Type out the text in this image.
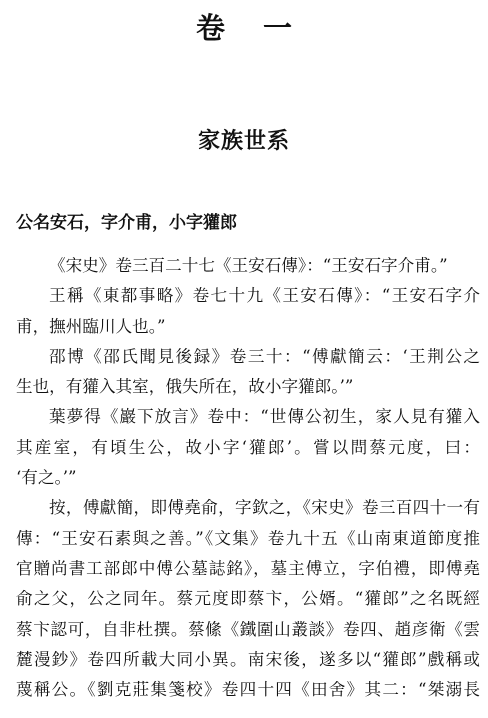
卷 一
家族世系
公名安石，字介甫，小字獾郎
《宋史》卷三百二十七《王安石傳》：“王安石字介甫。”
王稱《東都事略》卷七十九《王安石傳》：“王安石字介
甫，撫州臨川人也。”
邵博《邵氏聞見後録》卷三十：“傅獻簡云：‘王荆公之
生也，有獾入其室，俄失所在，故小字獾郎。’”
葉夢得《巖下放言》卷中：“世傳公初生，家人見有獾入
其産室，有頃生公，故小字‘獾郎’。嘗以問蔡元度，曰：
‘有之。’”
按，傅獻簡，即傅堯俞，字欽之，《宋史》卷三百四十一有
傳：“王安石素與之善。”《文集》卷九十五《山南東道節度推
官贈尚書工部郎中傅公墓誌銘》，墓主傅立，字伯禮，即傅堯
俞之父，公之同年。蔡元度即蔡卞，公婿。“獾郎”之名既經
蔡卞認可，自非杜撰。蔡絛《鐵圍山叢談》卷四、趙彦衛《雲
麓漫鈔》卷四所載大同小異。南宋後，遂多以“獾郎”戲稱或
蔑稱公。《劉克莊集箋校》卷四十四《田舍》其二：“桀溺長
